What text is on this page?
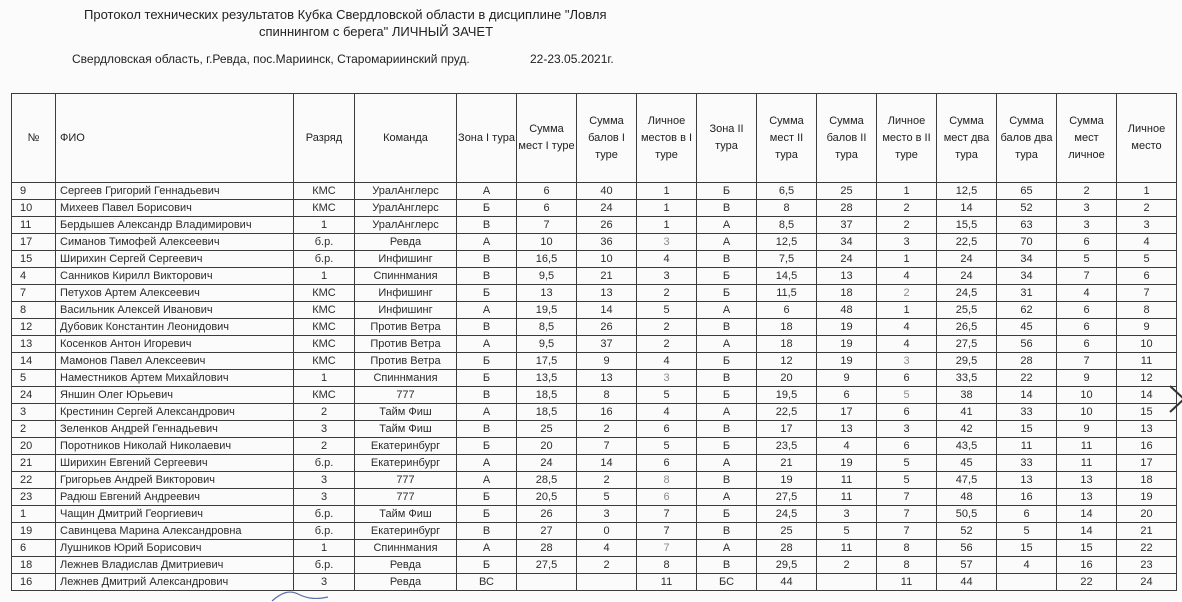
Протокол технических результатов Кубка Свердловской области в дисциплине "Ловля
спиннингом с берега" ЛИЧНЫЙ ЗАЧЕТ
Свердловская область, г.Ревда, пос.Мариинск, Старомариинский пруд.	22-23.05.2021г.
№	ФИО	Разряд	Команда	Зона I тура	Сумма мест I туре	Сумма балов I туре	Личное местов в I туре	Зона II тура	Сумма мест II тура	Сумма балов II тура	Личное место в II туре	Сумма мест два тура	Сумма балов два тура	Сумма мест личное	Личное место
9	Сергеев Григорий Геннадьевич	КМС	УралАнглерс	А	6	40	1	Б	6,5	25	1	12,5	65	2	1
10	Михеев Павел Борисович	КМС	УралАнглерс	Б	6	24	1	В	8	28	2	14	52	3	2
11	Бердышев Александр Владимирович	1	УралАнглерс	В	7	26	1	А	8,5	37	2	15,5	63	3	3
17	Симанов Тимофей Алексеевич	б.р.	Ревда	А	10	36	3	А	12,5	34	3	22,5	70	6	4
15	Ширихин Сергей Сергеевич	б.р.	Инфишинг	В	16,5	10	4	В	7,5	24	1	24	34	5	5
4	Санников Кирилл Викторович	1	Спиннмания	В	9,5	21	3	Б	14,5	13	4	24	34	7	6
7	Петухов Артем Алексеевич	КМС	Инфишинг	Б	13	13	2	Б	11,5	18	2	24,5	31	4	7
8	Васильник Алексей Иванович	КМС	Инфишинг	А	19,5	14	5	А	6	48	1	25,5	62	6	8
12	Дубовик Константин Леонидович	КМС	Против Ветра	В	8,5	26	2	В	18	19	4	26,5	45	6	9
13	Косенков Антон Игоревич	КМС	Против Ветра	А	9,5	37	2	А	18	19	4	27,5	56	6	10
14	Мамонов Павел Алексеевич	КМС	Против Ветра	Б	17,5	9	4	Б	12	19	3	29,5	28	7	11
5	Наместников Артем Михайлович	1	Спиннмания	Б	13,5	13	3	В	20	9	6	33,5	22	9	12
24	Яншин Олег Юрьевич	КМС	777	В	18,5	8	5	Б	19,5	6	5	38	14	10	14
3	Крестинин Сергей Александрович	2	Тайм Фиш	А	18,5	16	4	А	22,5	17	6	41	33	10	15
2	Зеленков Андрей Геннадьевич	3	Тайм Фиш	В	25	2	6	В	17	13	3	42	15	9	13
20	Поротников Николай Николаевич	2	Екатеринбург	Б	20	7	5	Б	23,5	4	6	43,5	11	11	16
21	Ширихин Евгений Сергеевич	б.р.	Екатеринбург	А	24	14	6	А	21	19	5	45	33	11	17
22	Григорьев Андрей Викторович	3	777	А	28,5	2	8	В	19	11	5	47,5	13	13	18
23	Радюш Евгений Андреевич	3	777	Б	20,5	5	6	А	27,5	11	7	48	16	13	19
1	Чащин Дмитрий Георгиевич	б.р.	Тайм Фиш	Б	26	3	7	Б	24,5	3	7	50,5	6	14	20
19	Савинцева Марина Александровна	б.р.	Екатеринбург	В	27	0	7	В	25	5	7	52	5	14	21
6	Лушников Юрий Борисович	1	Спиннмания	А	28	4	7	А	28	11	8	56	15	15	22
18	Лежнев Владислав Дмитриевич	б.р.	Ревда	Б	27,5	2	8	В	29,5	2	8	57	4	16	23
16	Лежнев Дмитрий Александрович	3	Ревда	ВС			11	БС	44		11	44		22	24
